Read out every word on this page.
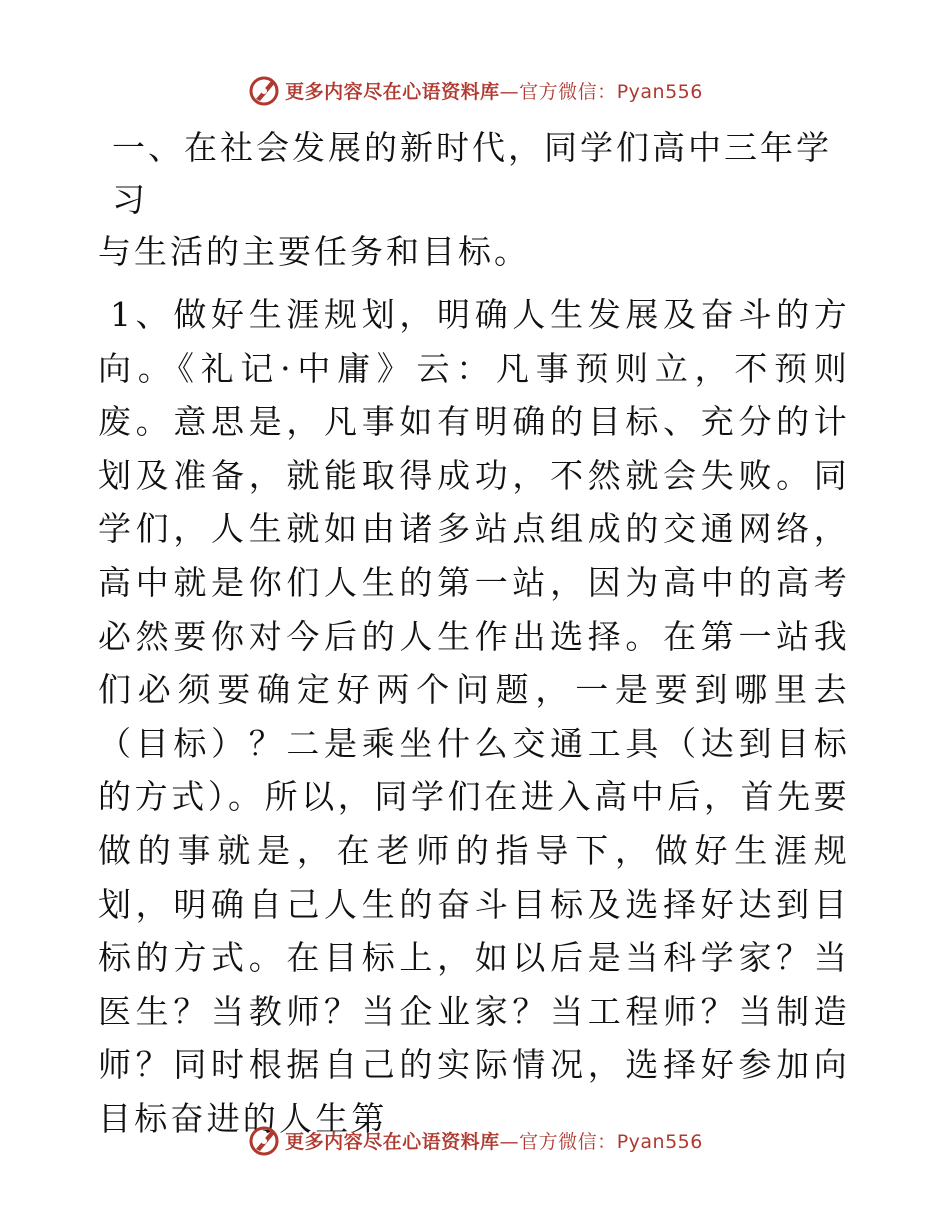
更多内容尽在心语资料库—官方微信：Pyan556
一、在社会发展的新时代，同学们高中三年学习
与生活的主要任务和目标。

1、做好生涯规划，明确人生发展及奋斗的方向。《礼记·中庸》云：凡事预则立，不预则废。意思是，凡事如有明确的目标、充分的计划及准备，就能取得成功，不然就会失败。同学们，人生就如由诸多站点组成的交通网络，高中就是你们人生的第一站，因为高中的高考必然要你对今后的人生作出选择。在第一站我们必须要确定好两个问题，一是要到哪里去（目标）？二是乘坐什么交通工具（达到目标的方式）。所以，同学们在进入高中后，首先要做的事就是，在老师的指导下，做好生涯规划，明确自己人生的奋斗目标及选择好达到目标的方式。在目标上，如以后是当科学家？当医生？当教师？当企业家？当工程师？当制造师？同时根据自己的实际情况，选择好参加向目标奋进的人生第

更多内容尽在心语资料库—官方微信：Pyan556
